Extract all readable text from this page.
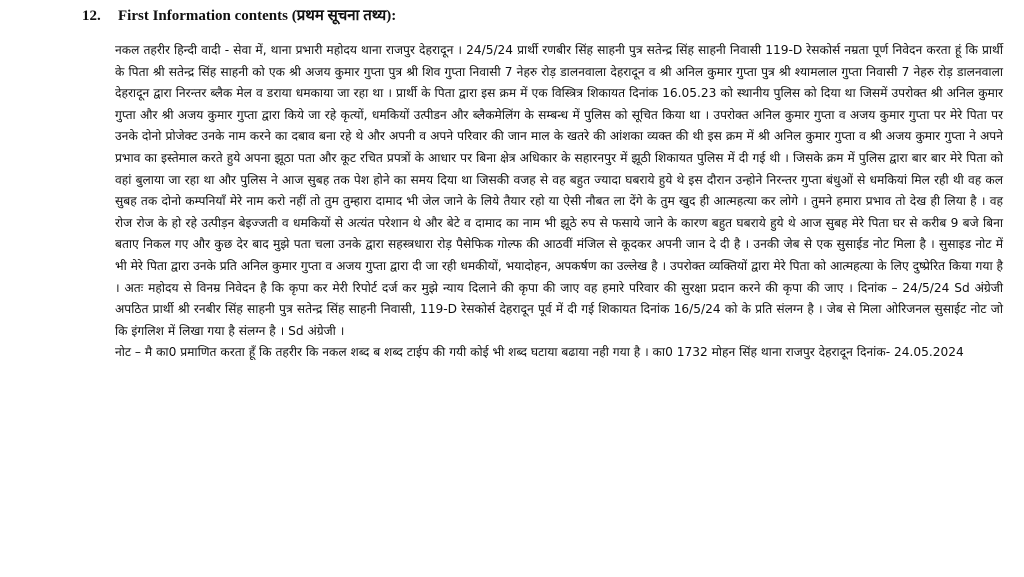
12. First Information contents (प्रथम सूचना तथ्य):

नकल तहरीर हिन्दी वादी - सेवा में, थाना प्रभारी महोदय थाना राजपुर देहरादून । 24/5/24 प्रार्थी रणबीर सिंह साहनी पुत्र सतेन्द्र सिंह साहनी निवासी 119-D रेसकोर्स नम्रता पूर्ण निवेदन करता हूं कि प्रार्थी के पिता श्री सतेन्द्र सिंह साहनी को एक श्री अजय कुमार गुप्ता पुत्र श्री शिव गुप्ता निवासी 7 नेहरु रोड़ डालनवाला देहरादून व श्री अनिल कुमार गुप्ता पुत्र श्री श्यामलाल गुप्ता निवासी 7 नेहरु रोड़ डालनवाला देहरादून द्वारा निरन्तर ब्लैक मेल व डराया धमकाया जा रहा था । प्रार्थी के पिता द्वारा इस क्रम में एक विस्त्रित्र शिकायत दिनांक 16.05.23 को स्थानीय पुलिस को दिया था जिसमें उपरोक्त श्री अनिल कुमार गुप्ता और श्री अजय कुमार गुप्ता द्वारा किये जा रहे कृत्यों, धमकियों उत्पीडन और ब्लैकमेलिंग के सम्बन्ध में पुलिस को सूचित किया था । उपरोक्त अनिल कुमार गुप्ता व अजय कुमार गुप्ता पर मेरे पिता पर उनके दोनो प्रोजेक्ट उनके नाम करने का दबाव बना रहे थे और अपनी व अपने परिवार की जान माल के खतरे की आंशका व्यक्त की थी इस क्रम में श्री अनिल कुमार गुप्ता व श्री अजय कुमार गुप्ता ने अपने प्रभाव का इस्तेमाल करते हुये अपना झूठा पता और कूट रचित प्रपत्रों के आधार पर बिना क्षेत्र अधिकार के सहारनपुर में झूठी शिकायत पुलिस में दी गई थी । जिसके क्रम में पुलिस द्वारा बार बार मेरे पिता को वहां बुलाया जा रहा था और पुलिस ने आज सुबह तक पेश होने का समय दिया था जिसकी वजह से वह बहुत ज्यादा घबराये हुये थे इस दौरान उन्होने निरन्तर गुप्ता बंधुओं से धमकियां मिल रही थी वह कल सुबह तक दोनो कम्पनियाँ मेरे नाम करो नहीं तो तुम तुम्हारा दामाद भी जेल जाने के लिये तैयार रहो या ऐसी नौबत ला देंगे के तुम खुद ही आत्महत्या कर लोगे । तुमने हमारा प्रभाव तो देख ही लिया है । वह रोज रोज के हो रहे उत्पीड़न बेइज्जती व धमकियों से अत्यंत परेशान थे और बेटे व दामाद का नाम भी झूठे रुप से फसाये जाने के कारण बहुत घबराये हुये थे आज सुबह मेरे पिता घर से करीब 9 बजे बिना बताए निकल गए और कुछ देर बाद मुझे पता चला उनके द्वारा सहस्त्रधारा रोड़ पैसेफिक गोल्फ की आठवीं मंजिल से कूदकर अपनी जान दे दी है । उनकी जेब से एक सुसाईड नोट मिला है । सुसाइड नोट में भी मेरे पिता द्वारा उनके प्रति अनिल कुमार गुप्ता व अजय गुप्ता द्वारा दी जा रही धमकीयों, भयादोहन, अपकर्षण का उल्लेख है । उपरोक्त व्यक्तियों द्वारा मेरे पिता को आत्महत्या के लिए दुष्प्रेरित किया गया है । अतः महोदय से विनम्र निवेदन है कि कृपा कर मेरी रिपोर्ट दर्ज कर मुझे न्याय दिलाने की कृपा की जाए वह हमारे परिवार की सुरक्षा प्रदान करने की कृपा की जाए । दिनांक – 24/5/24 Sd अंग्रेजी अपठित प्रार्थी श्री रनबीर सिंह साहनी पुत्र सतेन्द्र सिंह साहनी निवासी, 119-D रेसकोर्स देहरादून पूर्व में दी गई शिकायत दिनांक 16/5/24 को के प्रति संलग्न है । जेब से मिला ओरिजनल सुसाईट नोट जो कि इंगलिश में लिखा गया है संलग्न है । Sd अंग्रेजी ।

नोट – मै का0 प्रमाणित करता हूँ कि तहरीर कि नकल शब्द ब शब्द टाईप की गयी कोई भी शब्द घटाया बढाया नही गया है । का0 1732 मोहन सिंह थाना राजपुर देहरादून दिनांक- 24.05.2024
